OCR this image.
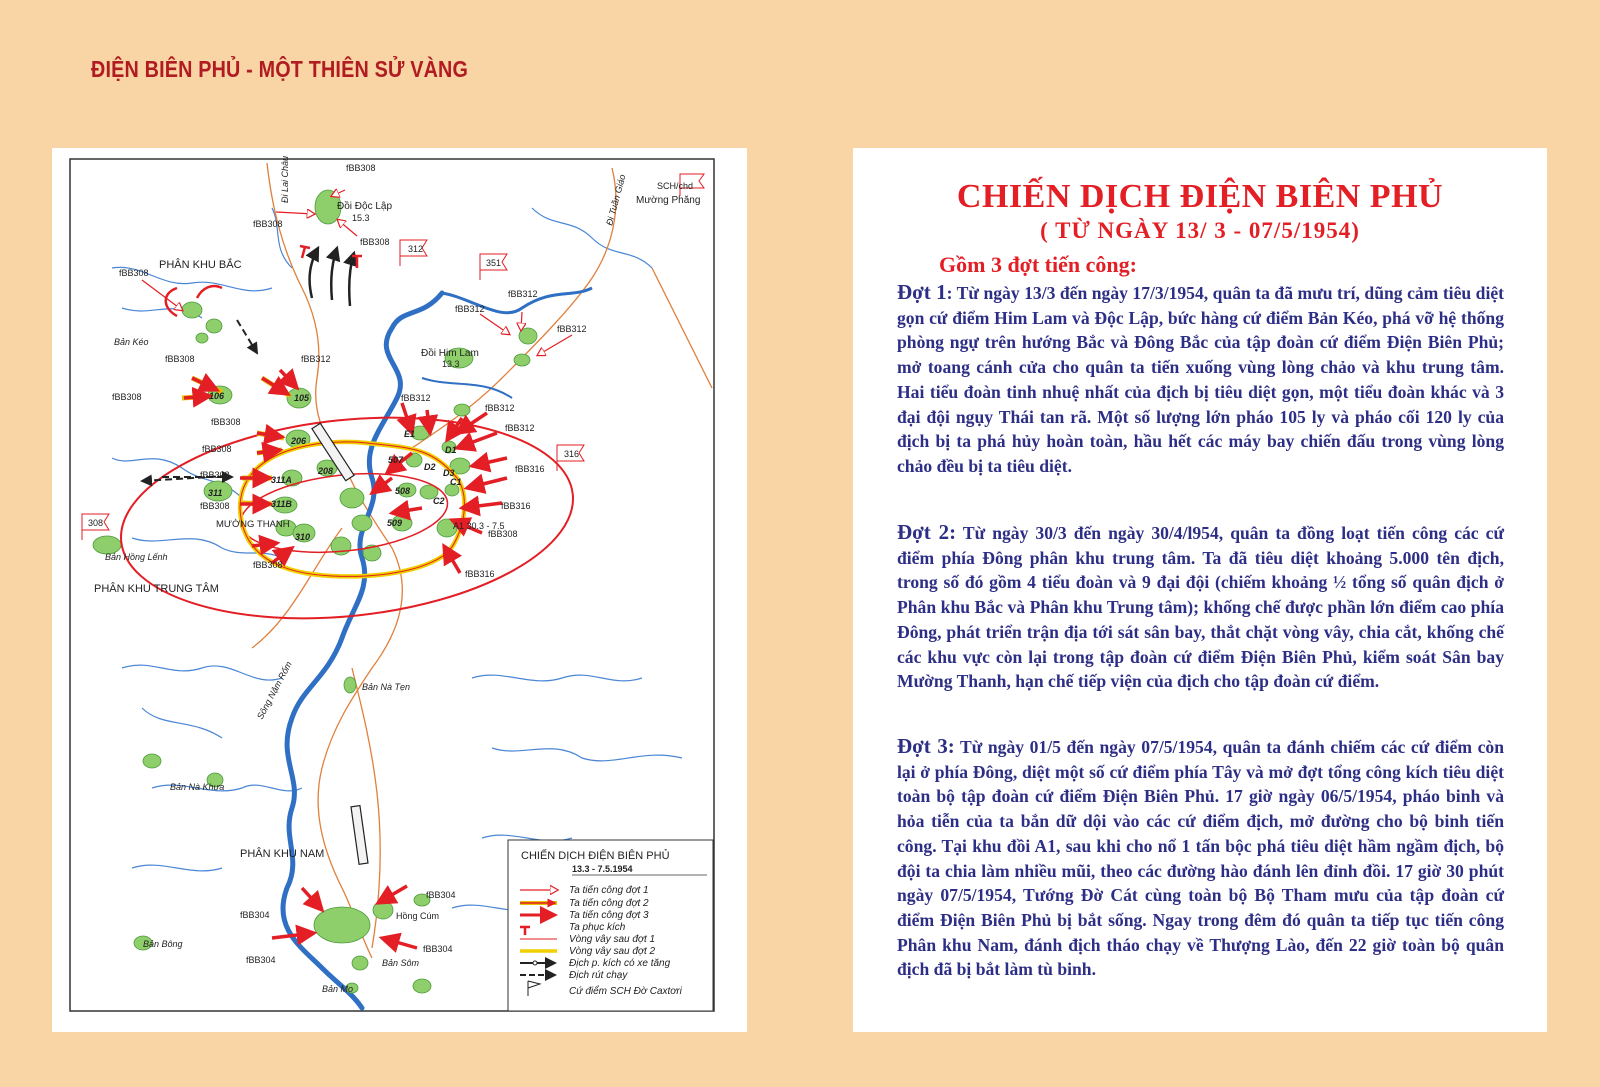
ĐIỆN BIÊN PHỦ - MỘT THIÊN SỬ VÀNG
312
351
316
308
106	105
206
208
311A
311B
311
310
508
509
507
E1
D1
D2
D3
C1
C2
fBB308
fBB308
fBB308
fBB308
fBB308
fBB308
fBB308
fBB308
fBB308
fBB308
fBB308
fBB308
fBB312
fBB312
fBB312
fBB312
fBB312
fBB312
fBB312
fBB316
fBB316
fBB316
fBB304
fBB304
fBB304
fBB304
Đồi Độc Lập
15.3
Đồi Him Lam
13.3
Bản Kéo
MƯỜNG THANH
Bản Hồng Lếnh
Bản Nà Tẹn
Bản Nà Khưa
Hồng Cúm
Bản Bông
Bản Sôm
Bản Mo
Mường Phăng
SCH/chd
A1 30.3 - 7.5
Sông Nậm Rốm
Đi Lai Châu	Đi Tuần Giáo
PHÂN KHU BẮC
PHÂN KHU TRUNG TÂM
PHÂN KHU NAM	CHIẾN DỊCH ĐIỆN BIÊN PHỦ
13.3 - 7.5.1954
Ta tiến công đợt 1
Ta tiến công đợt 2
Ta tiến công đợt 3
Ta phục kích
Vòng vây sau đợt 1
Vòng vây sau đợt 2
Địch p. kích có xe tăng
Địch rút chạy
Cứ điểm SCH Đờ Caxtơri
CHIẾN DỊCH ĐIỆN BIÊN PHỦ
( TỪ NGÀY 13/ 3 - 07/5/1954)
Gồm 3 đợt tiến công:

Đợt 1: Từ ngày 13/3 đến ngày 17/3/1954, quân ta đã mưu trí, dũng cảm tiêu diệt gọn cứ điểm Him Lam và Độc Lập, bức hàng cứ điểm Bản Kéo, phá vỡ hệ thống phòng ngự trên hướng Bắc và Đông Bắc của tập đoàn cứ điểm Điện Biên Phủ; mở toang cánh cửa cho quân ta tiến xuống vùng lòng chảo và khu trung tâm. Hai tiểu đoàn tinh nhuệ nhất của địch bị tiêu diệt gọn, một tiểu đoàn khác và 3 đại đội ngụy Thái tan rã. Một số lượng lớn pháo 105 ly và pháo cối 120 ly của địch bị ta phá hủy hoàn toàn, hầu hết các máy bay chiến đấu trong vùng lòng chảo đều bị ta tiêu diệt.

Đợt 2: Từ ngày 30/3 đến ngày 30/4/l954, quân ta đồng loạt tiến công các cứ điểm phía Đông phân khu trung tâm. Ta đã tiêu diệt khoảng 5.000 tên địch, trong số đó gồm 4 tiểu đoàn và 9 đại đội (chiếm khoảng ½ tổng số quân địch ở Phân khu Bắc và Phân khu Trung tâm); khống chế được phần lớn điểm cao phía Đông, phát triển trận địa tới sát sân bay, thắt chặt vòng vây, chia cắt, khống chế các khu vực còn lại trong tập đoàn cứ điểm Điện Biên Phủ, kiểm soát Sân bay Mường Thanh, hạn chế tiếp viện của địch cho tập đoàn cứ điểm.

Đợt 3: Từ ngày 01/5 đến ngày 07/5/1954, quân ta đánh chiếm các cứ điểm còn lại ở phía Đông, diệt một số cứ điểm phía Tây và mở đợt tổng công kích tiêu diệt toàn bộ tập đoàn cứ điểm Điện Biên Phủ. 17 giờ ngày 06/5/1954, pháo binh và hỏa tiễn của ta bắn dữ dội vào các cứ điểm địch, mở đường cho bộ binh tiến công. Tại khu đồi A1, sau khi cho nổ 1 tấn bộc phá tiêu diệt hầm ngầm địch, bộ đội ta chia làm nhiều mũi, theo các đường hào đánh lên đỉnh đồi. 17 giờ 30 phút ngày 07/5/1954, Tướng Đờ Cát cùng toàn bộ Bộ Tham mưu của tập đoàn cứ điểm Điện Biên Phủ bị bắt sống. Ngay trong đêm đó quân ta tiếp tục tiến công Phân khu Nam, đánh địch tháo chạy về Thượng Lào, đến 22 giờ toàn bộ quân địch đã bị bắt làm tù binh.
